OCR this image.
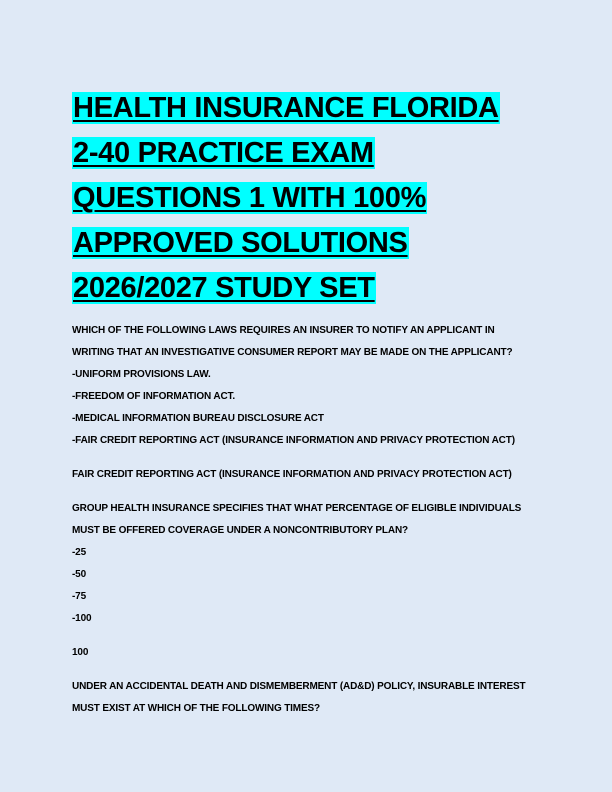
HEALTH INSURANCE FLORIDA
2-40 PRACTICE EXAM
QUESTIONS 1 WITH 100%
APPROVED SOLUTIONS
2026/2027 STUDY SET
WHICH OF THE FOLLOWING LAWS REQUIRES AN INSURER TO NOTIFY AN APPLICANT IN
WRITING THAT AN INVESTIGATIVE CONSUMER REPORT MAY BE MADE ON THE APPLICANT?
-UNIFORM PROVISIONS LAW.
-FREEDOM OF INFORMATION ACT.
-MEDICAL INFORMATION BUREAU DISCLOSURE ACT
-FAIR CREDIT REPORTING ACT (INSURANCE INFORMATION AND PRIVACY PROTECTION ACT)
FAIR CREDIT REPORTING ACT (INSURANCE INFORMATION AND PRIVACY PROTECTION ACT)
GROUP HEALTH INSURANCE SPECIFIES THAT WHAT PERCENTAGE OF ELIGIBLE INDIVIDUALS
MUST BE OFFERED COVERAGE UNDER A NONCONTRIBUTORY PLAN?
-25
-50
-75
-100
100
UNDER AN ACCIDENTAL DEATH AND DISMEMBERMENT (AD&D) POLICY, INSURABLE INTEREST
MUST EXIST AT WHICH OF THE FOLLOWING TIMES?
